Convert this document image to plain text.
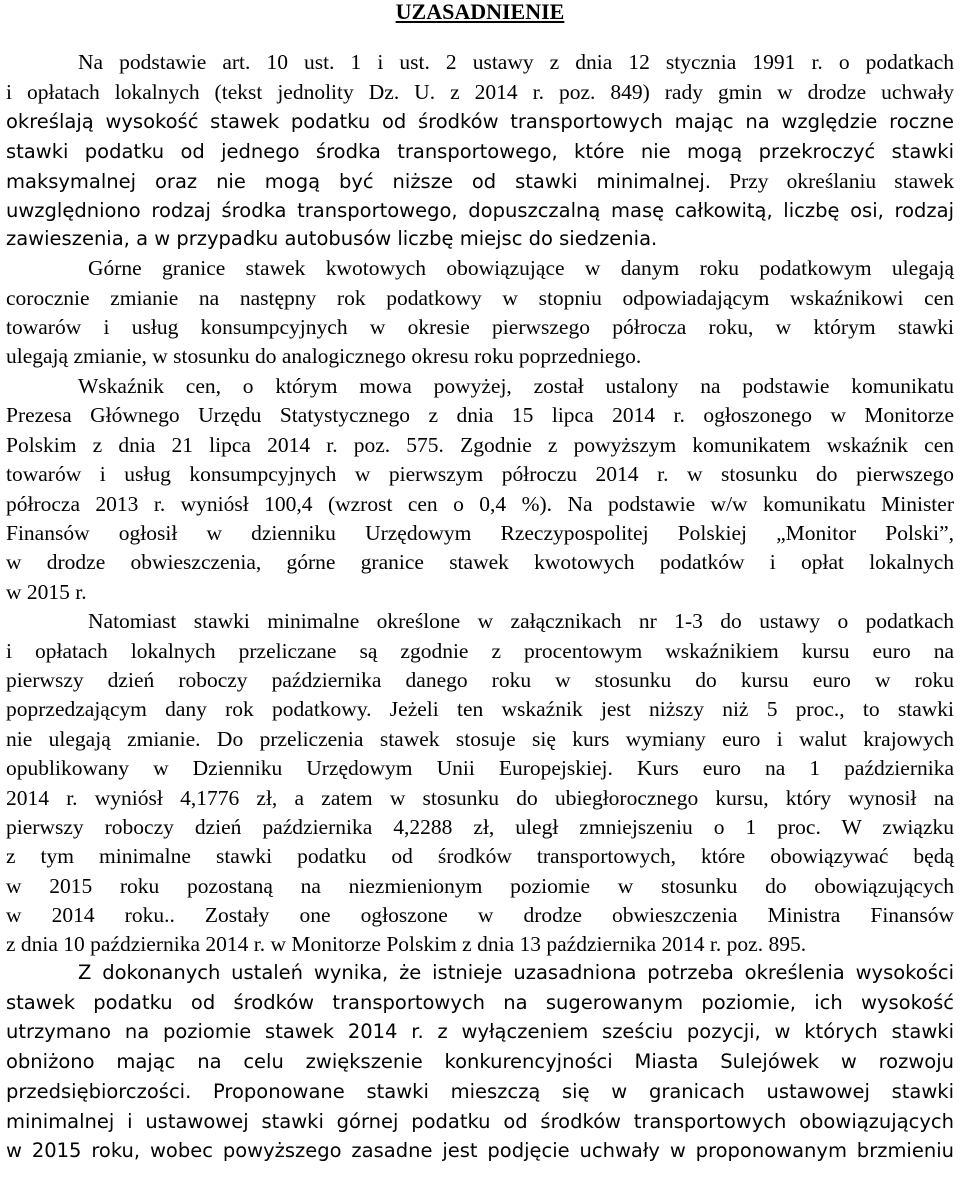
UZASADNIENIE
Na podstawie art. 10 ust. 1 i ust. 2 ustawy z dnia 12 stycznia 1991 r. o podatkach
i opłatach lokalnych (tekst jednolity Dz. U. z 2014 r. poz. 849) rady gmin w drodze uchwały
określają wysokość stawek podatku od środków transportowych mając na względzie roczne
stawki podatku od jednego środka transportowego, które nie mogą przekroczyć stawki
maksymalnej oraz nie mogą być niższe od stawki minimalnej. Przy określaniu stawek
uwzględniono rodzaj środka transportowego, dopuszczalną masę całkowitą, liczbę osi, rodzaj
zawieszenia, a w przypadku autobusów liczbę miejsc do siedzenia.
Górne granice stawek kwotowych obowiązujące w danym roku podatkowym ulegają
corocznie zmianie na następny rok podatkowy w stopniu odpowiadającym wskaźnikowi cen
towarów i usług konsumpcyjnych w okresie pierwszego półrocza roku, w którym stawki
ulegają zmianie, w stosunku do analogicznego okresu roku poprzedniego.
Wskaźnik cen, o którym mowa powyżej, został ustalony na podstawie komunikatu
Prezesa Głównego Urzędu Statystycznego z dnia 15 lipca 2014 r. ogłoszonego w Monitorze
Polskim z dnia 21 lipca 2014 r. poz. 575. Zgodnie z powyższym komunikatem wskaźnik cen
towarów i usług konsumpcyjnych w pierwszym półroczu 2014 r. w stosunku do pierwszego
półrocza 2013 r. wyniósł 100,4 (wzrost cen o 0,4 %). Na podstawie w/w komunikatu Minister
Finansów ogłosił w dzienniku Urzędowym Rzeczypospolitej Polskiej „Monitor Polski”,
w drodze obwieszczenia, górne granice stawek kwotowych podatków i opłat lokalnych
w 2015 r.
Natomiast stawki minimalne określone w załącznikach nr 1-3 do ustawy o podatkach
i opłatach lokalnych przeliczane są zgodnie z procentowym wskaźnikiem kursu euro na
pierwszy dzień roboczy października danego roku w stosunku do kursu euro w roku
poprzedzającym dany rok podatkowy. Jeżeli ten wskaźnik jest niższy niż 5 proc., to stawki
nie ulegają zmianie. Do przeliczenia stawek stosuje się kurs wymiany euro i walut krajowych
opublikowany w Dzienniku Urzędowym Unii Europejskiej. Kurs euro na 1 października
2014 r. wyniósł 4,1776 zł, a zatem w stosunku do ubiegłorocznego kursu, który wynosił na
pierwszy roboczy dzień października 4,2288 zł, uległ zmniejszeniu o 1 proc. W związku
z tym minimalne stawki podatku od środków transportowych, które obowiązywać będą
w 2015 roku pozostaną na niezmienionym poziomie w stosunku do obowiązujących
w 2014 roku.. Zostały one ogłoszone w drodze obwieszczenia Ministra Finansów
z dnia 10 października 2014 r. w Monitorze Polskim z dnia 13 października 2014 r. poz. 895.
Z dokonanych ustaleń wynika, że istnieje uzasadniona potrzeba określenia wysokości
stawek podatku od środków transportowych na sugerowanym poziomie, ich wysokość
utrzymano na poziomie stawek 2014 r. z wyłączeniem sześciu pozycji, w których stawki
obniżono mając na celu zwiększenie konkurencyjności Miasta Sulejówek w rozwoju
przedsiębiorczości. Proponowane stawki mieszczą się w granicach ustawowej stawki
minimalnej i ustawowej stawki górnej podatku od środków transportowych obowiązujących
w 2015 roku, wobec powyższego zasadne jest podjęcie uchwały w proponowanym brzmieniu
